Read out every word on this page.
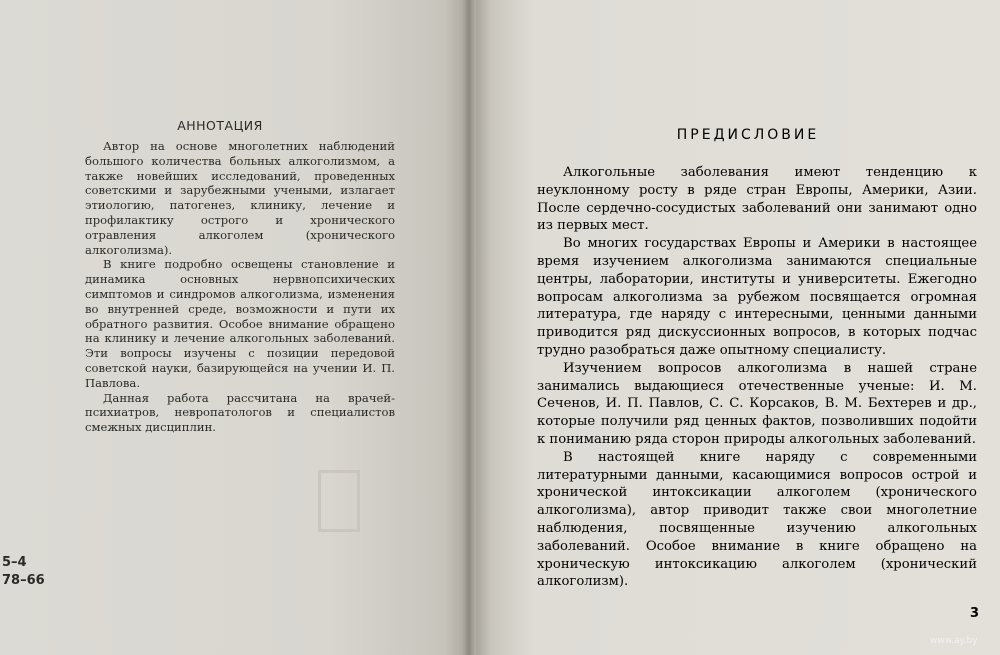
АННОТАЦИЯ

Автор на основе многолетних наблюдений большого количества больных алкоголизмом, а также новейших исследований, проведенных советскими и зарубежными учеными, излагает этиологию, патогенез, клинику, лечение и профилактику острого и хронического отравления алкоголем (хронического алкоголизма).

В книге подробно освещены становление и динамика основных нервнопсихических симптомов и синдромов алкоголизма, изменения во внутренней среде, возможности и пути их обратного развития. Особое внимание обращено на клинику и лечение алкогольных заболеваний. Эти вопросы изучены с позиции передовой советской науки, базирующейся на учении И. П. Павлова.

Данная работа рассчитана на врачей-психиатров, невропатологов и специалистов смежных дисциплин.

5–4
78–66
ПРЕДИСЛОВИЕ

Алкогольные заболевания имеют тенденцию к неуклонному росту в ряде стран Европы, Америки, Азии. После сердечно-сосудистых заболеваний они занимают одно из первых мест.

Во многих государствах Европы и Америки в настоящее время изучением алкоголизма занимаются специальные центры, лаборатории, институты и университеты. Ежегодно вопросам алкоголизма за рубежом посвящается огромная литература, где наряду с интересными, ценными данными приводится ряд дискуссионных вопросов, в которых подчас трудно разобраться даже опытному специалисту.

Изучением вопросов алкоголизма в нашей стране занимались выдающиеся отечественные ученые: И. М. Сеченов, И. П. Павлов, С. С. Корсаков, В. М. Бехтерев и др., которые получили ряд ценных фактов, позволивших подойти к пониманию ряда сторон природы алкогольных заболеваний.

В настоящей книге наряду с современными литературными данными, касающимися вопросов острой и хронической интоксикации алкоголем (хронического алкоголизма), автор приводит также свои многолетние наблюдения, посвященные изучению алкогольных заболеваний. Особое внимание в книге обращено на хроническую интоксикацию алкоголем (хронический алкоголизм).

3
www.ay.by
